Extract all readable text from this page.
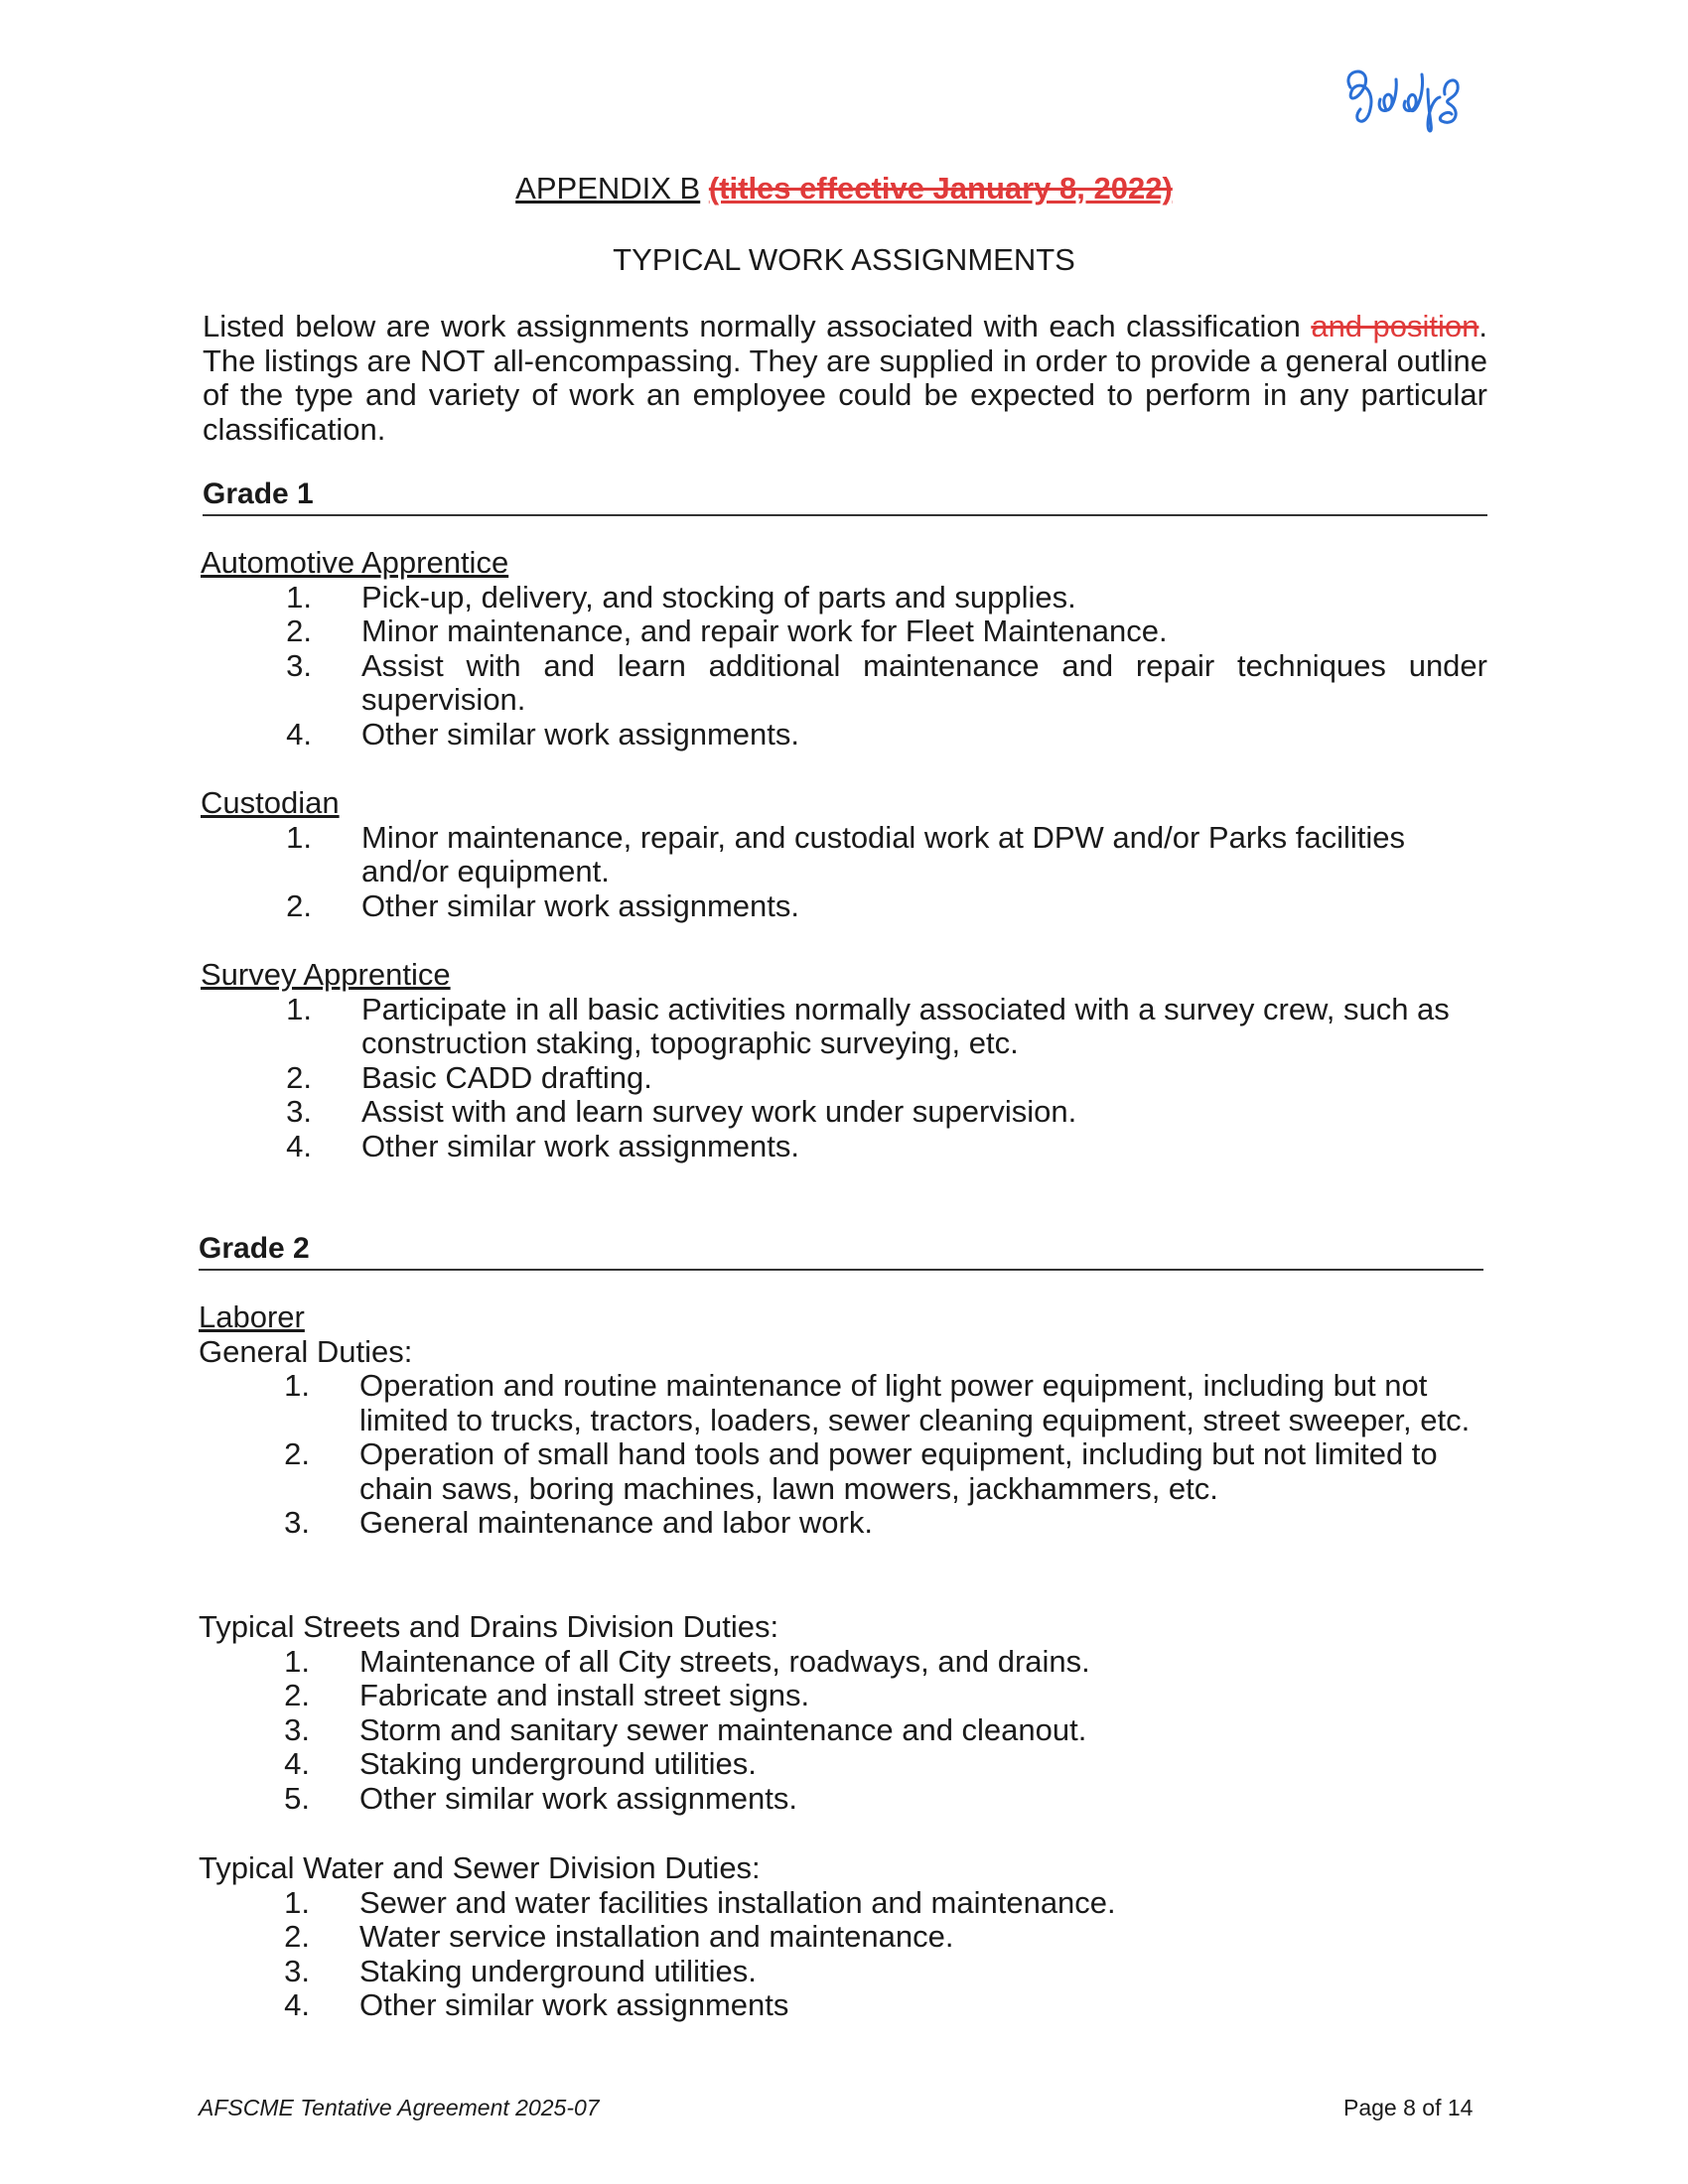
APPENDIX B (titles effective January 8, 2022)
TYPICAL WORK ASSIGNMENTS
Listed below are work assignments normally associated with each classification and position. The listings are NOT all-encompassing. They are supplied in order to provide a general outline of the type and variety of work an employee could be expected to perform in any particular classification.
Grade 1
Automotive Apprentice
1.	Pick-up, delivery, and stocking of parts and supplies.
2.	Minor maintenance, and repair work for Fleet Maintenance.
3.	Assist with and learn additional maintenance and repair techniques under supervision.
4.	Other similar work assignments.
Custodian
1.	Minor maintenance, repair, and custodial work at DPW and/or Parks facilities and/or equipment.
2.	Other similar work assignments.
Survey Apprentice
1.	Participate in all basic activities normally associated with a survey crew, such as construction staking, topographic surveying, etc.
2.	Basic CADD drafting.
3.	Assist with and learn survey work under supervision.
4.	Other similar work assignments.
Grade 2
Laborer
General Duties:
1.	Operation and routine maintenance of light power equipment, including but not limited to trucks, tractors, loaders, sewer cleaning equipment, street sweeper, etc.
2.	Operation of small hand tools and power equipment, including but not limited to chain saws, boring machines, lawn mowers, jackhammers, etc.
3.	General maintenance and labor work.
Typical Streets and Drains Division Duties:
1.	Maintenance of all City streets, roadways, and drains.
2.	Fabricate and install street signs.
3.	Storm and sanitary sewer maintenance and cleanout.
4.	Staking underground utilities.
5.	Other similar work assignments.
Typical Water and Sewer Division Duties:
1.	Sewer and water facilities installation and maintenance.
2.	Water service installation and maintenance.
3.	Staking underground utilities.
4.	Other similar work assignments
AFSCME Tentative Agreement 2025-07	Page 8 of 14
